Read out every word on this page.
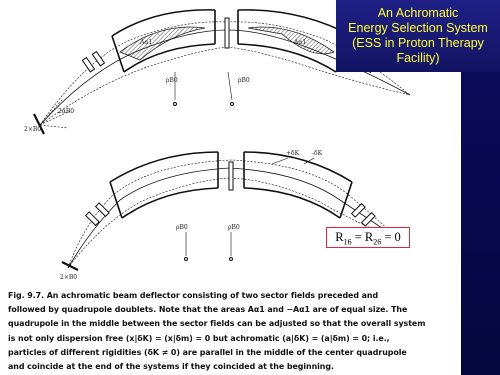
Aα1	-Aα1
ρB0	ρB0
2αB0
2×B0
+δK -δK
ρB0	ρB0
2×B0
An Achromatic
Energy Selection System
(ESS in Proton Therapy
Facility)
$R_{16} = R_{26} = 0$
Fig. 9.7. An achromatic beam deflector consisting of two sector fields preceded and
followed by quadrupole doublets. Note that the areas Aα1 and −Aα1 are of equal size. The
quadrupole in the middle between the sector fields can be adjusted so that the overall system
is not only dispersion free (x|δK) = (x|δm) = 0 but achromatic (a|δK) = (a|δm) = 0; i.e.,
particles of different rigidities (δK ≠ 0) are parallel in the middle of the center quadrupole
and coincide at the end of the systems if they coincided at the beginning.
